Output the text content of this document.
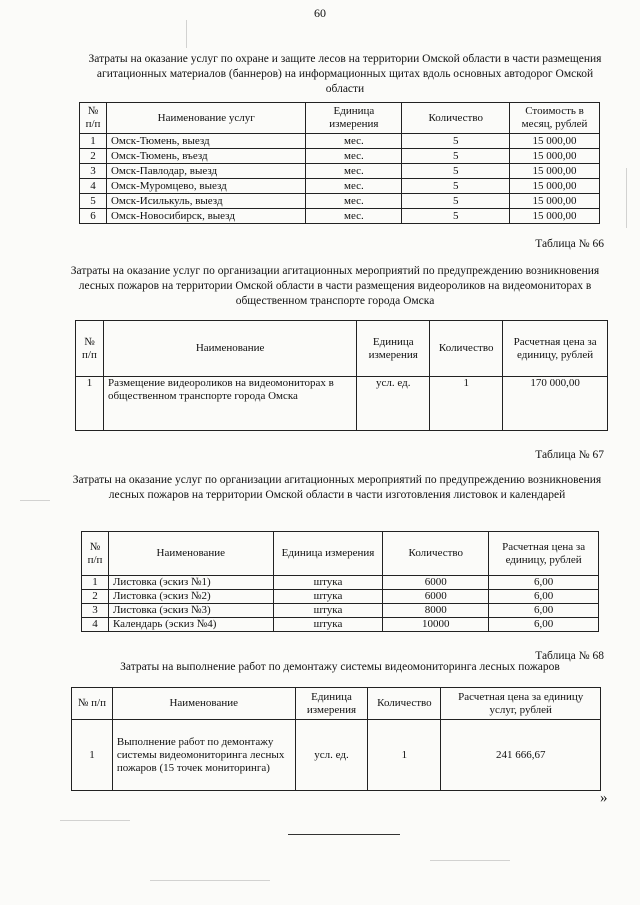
60
Затраты на оказание услуг по охране и защите лесов на территории Омской области в части размещения агитационных материалов (баннеров) на информационных щитах вдоль основных автодорог Омской области
№ п/п	Наименование услуг	Единица измерения	Количество	Стоимость в месяц, рублей
1	Омск-Тюмень, выезд	мес.	5	15 000,00
2	Омск-Тюмень, въезд	мес.	5	15 000,00
3	Омск-Павлодар, выезд	мес.	5	15 000,00
4	Омск-Муромцево, выезд	мес.	5	15 000,00
5	Омск-Исилькуль, выезд	мес.	5	15 000,00
6	Омск-Новосибирск, выезд	мес.	5	15 000,00
Таблица № 66
Затраты на оказание услуг по организации агитационных мероприятий по предупреждению возникновения лесных пожаров на территории Омской области в части размещения видеороликов на видеомониторах в общественном транспорте города Омска
№ п/п	Наименование	Единица измерения	Количество	Расчетная цена за единицу, рублей
1	Размещение видеороликов на видеомониторах в общественном транспорте города Омска	усл. ед.	1	170 000,00
Таблица № 67
Затраты на оказание услуг по организации агитационных мероприятий по предупреждению возникновения лесных пожаров на территории Омской области в части изготовления листовок и календарей
№ п/п	Наименование	Единица измерения	Количество	Расчетная цена за единицу, рублей
1	Листовка (эскиз №1)	штука	6000	6,00
2	Листовка (эскиз №2)	штука	6000	6,00
3	Листовка (эскиз №3)	штука	8000	6,00
4	Календарь (эскиз №4)	штука	10000	6,00
Таблица № 68
Затраты на выполнение работ по демонтажу системы видеомониторинга лесных пожаров
№ п/п	Наименование	Единица измерения	Количество	Расчетная цена за единицу услуг, рублей
1	Выполнение работ по демонтажу системы видеомониторинга лесных пожаров (15 точек мониторинга)	усл. ед.	1	241 666,67
»
